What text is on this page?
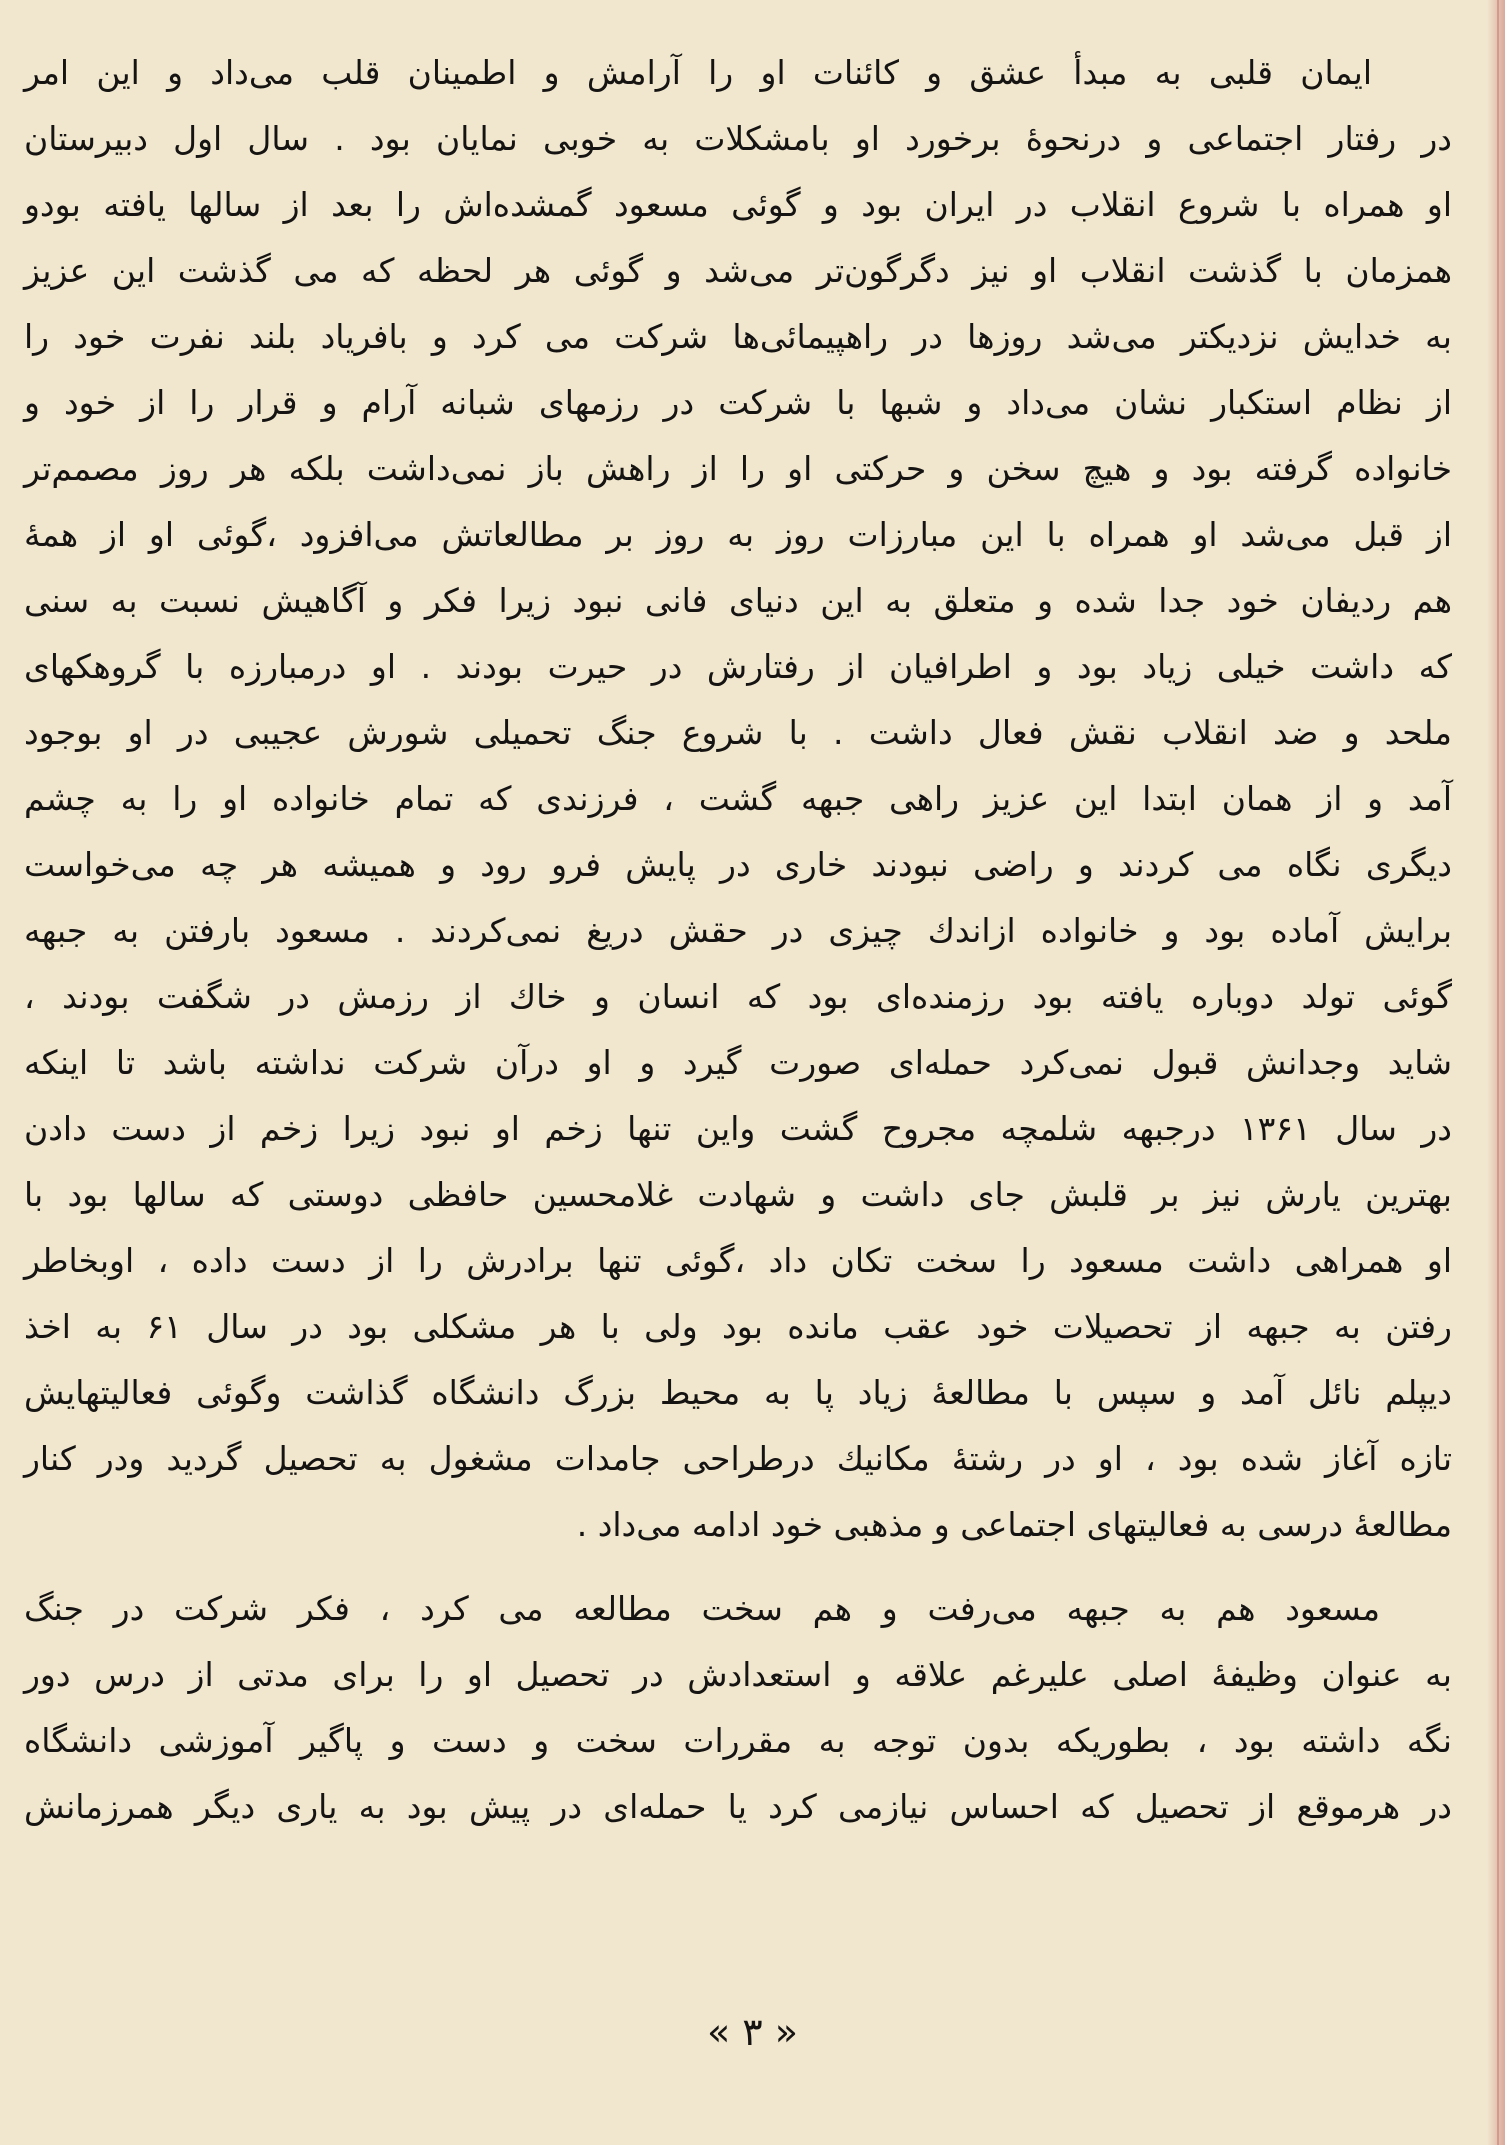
ایمان قلبی به مبدأ عشق و کائنات او را آرامش و اطمینان قلب می‌داد و این امر
در رفتار اجتماعی و درنحوهٔ برخورد او بامشکلات به خوبی نمایان بود . سال اول دبیرستان
او همراه با شروع انقلاب در ایران بود و گوئی مسعود گمشده‌اش را بعد از سالها یافته بودو
همزمان با گذشت انقلاب او نیز دگرگون‌تر می‌شد و گوئی هر لحظه که می گذشت این عزیز
به خدایش نزدیکتر می‌شد روزها در راهپیمائی‌ها شرکت می کرد و بافریاد بلند نفرت خود را
از نظام استکبار نشان می‌داد و شبها با شرکت در رزمهای شبانه آرام و قرار را از خود و
خانواده گرفته بود و هیچ سخن و حرکتی او را از راهش باز نمی‌داشت بلکه هر روز مصمم‌تر
از قبل می‌شد او همراه با این مبارزات روز به روز بر مطالعاتش می‌افزود ،گوئی او از همهٔ
هم ردیفان خود جدا شده و متعلق به این دنیای فانی نبود زیرا فکر و آگاهیش نسبت به سنی
که داشت خیلی زیاد بود و اطرافیان از رفتارش در حیرت بودند . او درمبارزه با گروهکهای
ملحد و ضد انقلاب نقش فعال داشت . با شروع جنگ تحمیلی شورش عجیبی در او بوجود
آمد و از همان ابتدا این عزیز راهی جبهه گشت ، فرزندی که تمام خانواده او را به چشم
دیگری نگاه می کردند و راضی نبودند خاری در پایش فرو رود و همیشه هر چه می‌خواست
برایش آماده بود و خانواده ازاندك چیزی در حقش دریغ نمی‌کردند . مسعود بارفتن به جبهه
گوئی تولد دوباره یافته بود رزمنده‌ای بود که انسان و خاك از رزمش در شگفت بودند ،
شاید وجدانش قبول نمی‌کرد حمله‌ای صورت گیرد و او درآن شرکت نداشته باشد تا اینکه
در سال ۱۳۶۱ درجبهه شلمچه مجروح گشت واین تنها زخم او نبود زیرا زخم از دست دادن
بهترین یارش نیز بر قلبش جای داشت و شهادت غلامحسین حافظی دوستی که سالها بود با
او همراهی داشت مسعود را سخت تکان داد ،گوئی تنها برادرش را از دست داده ، اوبخاطر
رفتن به جبهه از تحصیلات خود عقب مانده بود ولی با هر مشکلی بود در سال ۶۱ به اخذ
دیپلم نائل آمد و سپس با مطالعهٔ زیاد پا به محیط بزرگ دانشگاه گذاشت وگوئی فعالیتهایش
تازه آغاز شده بود ، او در رشتهٔ مکانیك درطراحی جامدات مشغول به تحصیل گردید ودر کنار
مطالعهٔ درسی به فعالیتهای اجتماعی و مذهبی خود ادامه می‌داد .
مسعود هم به جبهه می‌رفت و هم سخت مطالعه می کرد ، فکر شرکت در جنگ
به عنوان وظیفهٔ اصلی علیرغم علاقه و استعدادش در تحصیل او را برای مدتی از درس دور
نگه داشته بود ، بطوریکه بدون توجه به مقررات سخت و دست و پاگیر آموزشی دانشگاه
در هرموقع از تحصیل که احساس نیازمی کرد یا حمله‌ای در پیش بود به یاری دیگر همرزمانش
« ۳ »
